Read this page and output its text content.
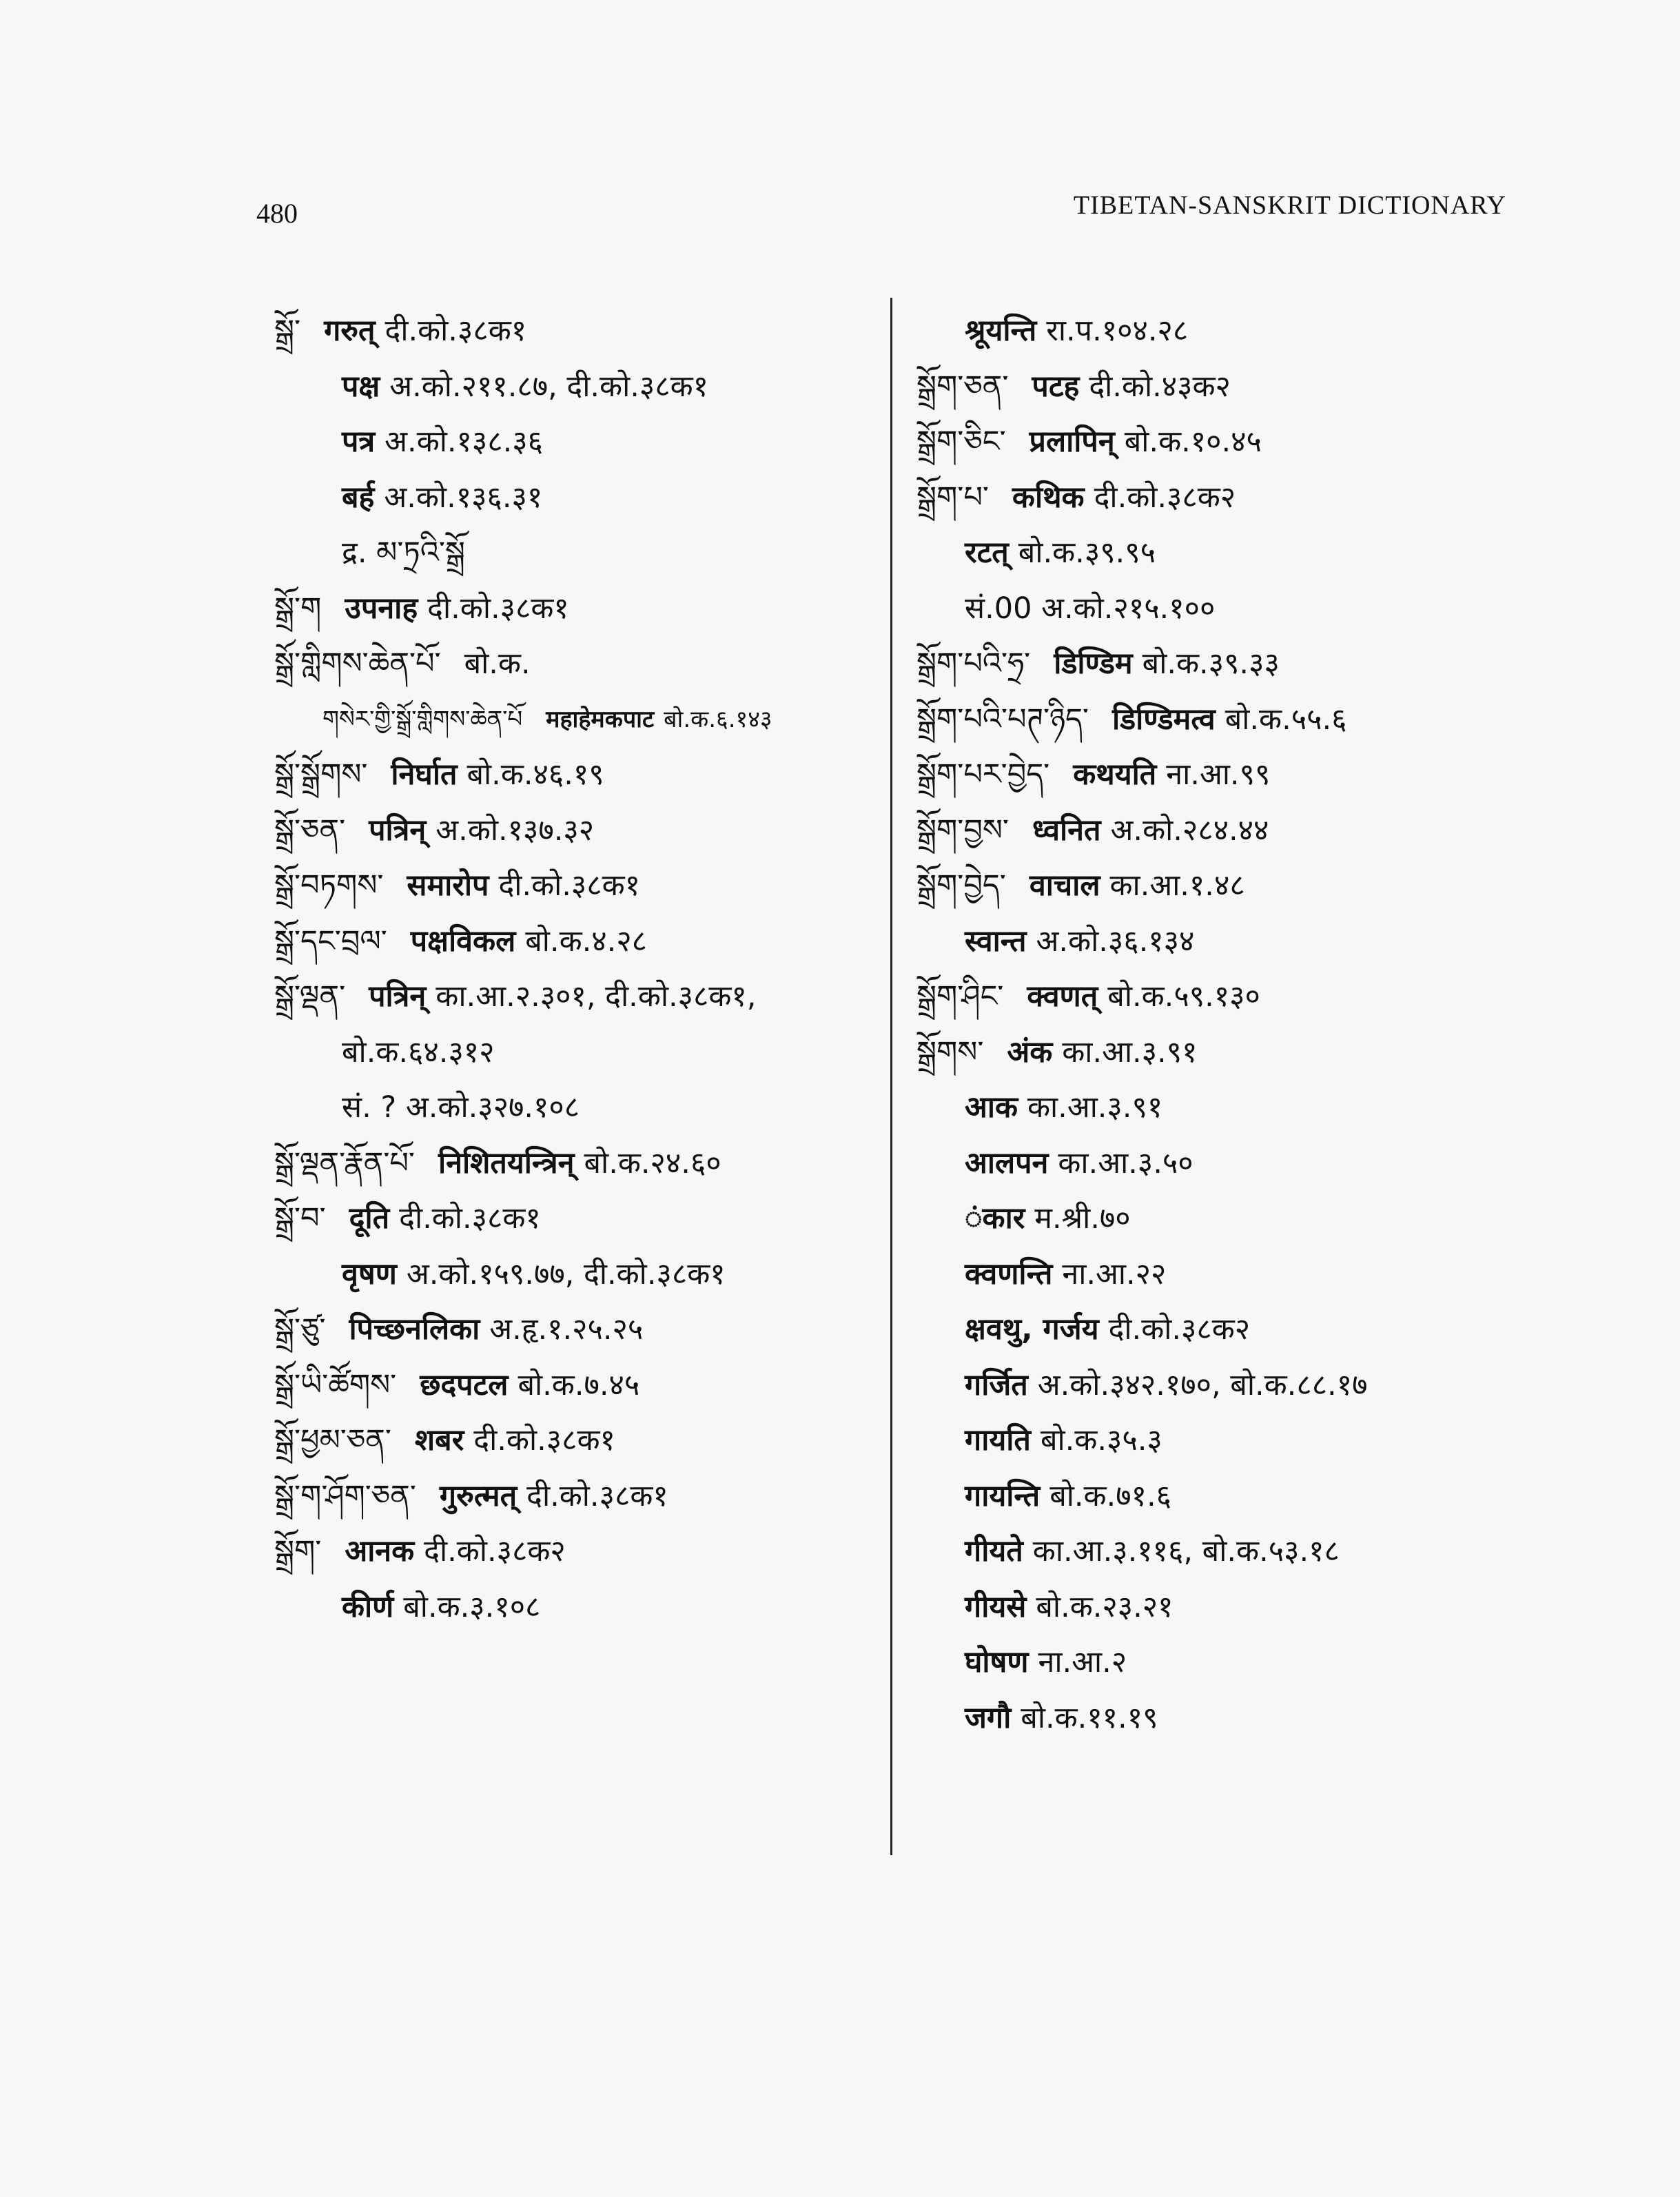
480	TIBETAN-SANSKRIT DICTIONARY
སྒྲོ་ गरुत् दी.को.३८क१
पक्ष अ.को.२११.८७, दी.को.३८क१
पत्र अ.को.१३८.३६
बर्ह अ.को.१३६.३१
द्र. མ་ཏྲའི་སྒྲོ
སྒྲོ་ག उपनाह दी.को.३८क१
སྒྲོ་གླིགས་ཆེན་པོ་ बो.क.
གསེར་གྱི་སྒྲོ་གླིགས་ཆེན་པོ महाहेमकपाट बो.क.६.१४३
སྒྲོ་སྒྲོགས་ निर्घात बो.क.४६.१९
སྒྲོ་ཅན་ पत्रिन् अ.को.१३७.३२
སྒྲོ་བཏགས་ समारोप दी.को.३८क१
སྒྲོ་དང་བྲལ་ पक्षविकल बो.क.४.२८
སྒྲོ་ལྡན་ पत्रिन् का.आ.२.३०१, दी.को.३८क१,
बो.क.६४.३१२
सं. ? अ.को.३२७.१०८
སྒྲོ་ལྡན་རྣོན་པོ་ निशितयन्त्रिन् बो.क.२४.६०
སྒྲོ་བ་ दूति दी.को.३८क१
वृषण अ.को.१५९.७७, दी.को.३८क१
སྒྲོ་ཙུ་ पिच्छनलिका अ.हृ.१.२५.२५
སྒྲོ་ཡི་ཚོགས་ छदपटल बो.क.७.४५
སྒྲོ་ཕྱམ་ཅན་ शबर दी.को.३८क१
སྒྲོ་ག་ཤོག་ཅན་ गुरुत्मत् दी.को.३८क१
སྒྲོག་ आनक दी.को.३८क२
कीर्ण बो.क.३.१०८
श्रूयन्ति रा.प.१०४.२८
སྒྲོག་ཅན་ पटह दी.को.४३क२
སྒྲོག་ཅིང་ प्रलापिन् बो.क.१०.४५
སྒྲོག་པ་ कथिक दी.को.३८क२
रटत् बो.क.३९.९५
सं.00 अ.को.२१५.१००
སྒྲོག་པའི་ཧྲ་ डिण्डिम बो.क.३९.३३
སྒྲོག་པའི་པཊ་ཉིད་ डिण्डिमत्व बो.क.५५.६
སྒྲོག་པར་བྱེད་ कथयति ना.आ.९९
སྒྲོག་བྱས་ ध्वनित अ.को.२८४.४४
སྒྲོག་བྱེད་ वाचाल का.आ.१.४८
स्वान्त अ.को.३६.१३४
སྒྲོག་ཤིང་ क्वणत् बो.क.५९.१३०
སྒྲོགས་ अंक का.आ.३.९१
आक का.आ.३.९१
आलपन का.आ.३.५०
ंकार म.श्री.७०
क्वणन्ति ना.आ.२२
क्षवथु, गर्जय दी.को.३८क२
गर्जित अ.को.३४२.१७०, बो.क.८८.१७
गायति बो.क.३५.३
गायन्ति बो.क.७१.६
गीयते का.आ.३.११६, बो.क.५३.१८
गीयसे बो.क.२३.२१
घोषण ना.आ.२
जगौ बो.क.११.१९
